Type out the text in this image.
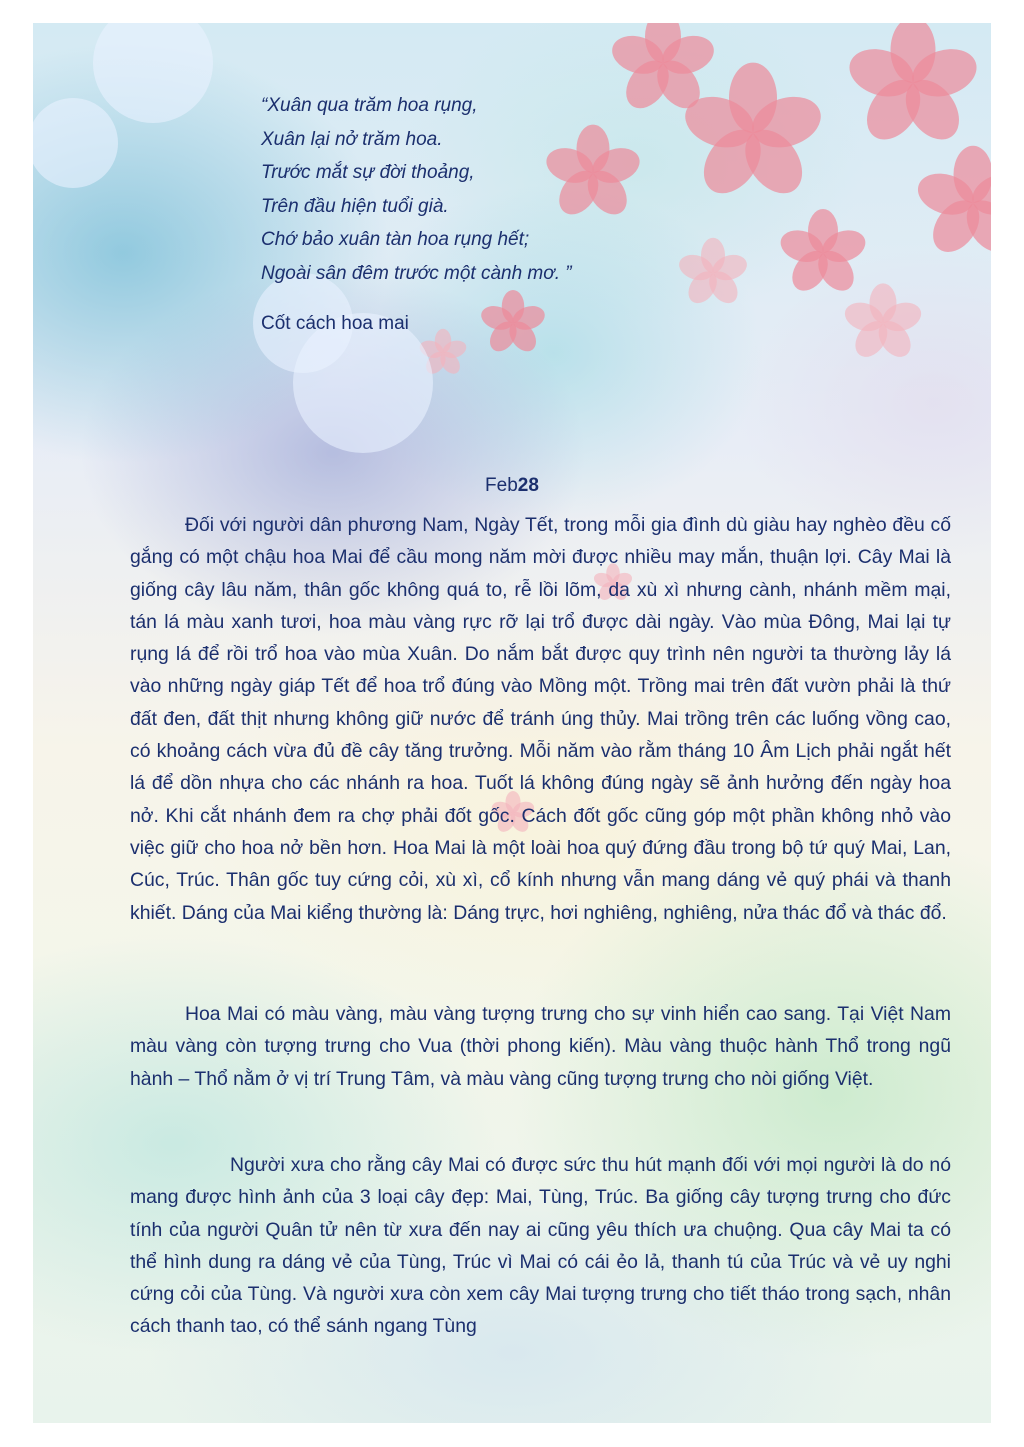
“Xuân qua trăm hoa rụng,
Xuân lại nở trăm hoa.
Trước mắt sự đời thoảng,
Trên đầu hiện tuổi già.
Chớ bảo xuân tàn hoa rụng hết;
Ngoài sân đêm trước một cành mơ. ”
Cốt cách hoa mai
Feb28

Đối với người dân phương Nam, Ngày Tết, trong mỗi gia đình dù giàu hay nghèo đều cố gắng có một chậu hoa Mai để cầu mong năm mời được nhiều may mắn, thuận lợi. Cây Mai là giống cây lâu năm, thân gốc không quá to, rễ lồi lõm, da xù xì nhưng cành, nhánh mềm mại, tán lá màu xanh tươi, hoa màu vàng rực rỡ lại trổ được dài ngày. Vào mùa Đông, Mai lại tự rụng lá để rồi trổ hoa vào mùa Xuân. Do nắm bắt được quy trình nên người ta thường lảy lá vào những ngày giáp Tết để hoa trổ đúng vào Mồng một. Trồng mai trên đất vườn phải là thứ đất đen, đất thịt nhưng không giữ nước để tránh úng thủy. Mai trồng trên các luống vồng cao, có khoảng cách vừa đủ đề cây tăng trưởng. Mỗi năm vào rằm tháng 10 Âm Lịch phải ngắt hết lá để dồn nhựa cho các nhánh ra hoa. Tuốt lá không đúng ngày sẽ ảnh hưởng đến ngày hoa nở. Khi cắt nhánh đem ra chợ phải đốt gốc. Cách đốt gốc cũng góp một phần không nhỏ vào việc giữ cho hoa nở bền hơn. Hoa Mai là một loài hoa quý đứng đầu trong bộ tứ quý Mai, Lan, Cúc, Trúc. Thân gốc tuy cứng cỏi, xù xì, cổ kính nhưng vẫn mang dáng vẻ quý phái và thanh khiết. Dáng của Mai kiểng thường là: Dáng trực, hơi nghiêng, nghiêng, nửa thác đổ và thác đổ.

Hoa Mai có màu vàng, màu vàng tượng trưng cho sự vinh hiển cao sang. Tại Việt Nam màu vàng còn tượng trưng cho Vua (thời phong kiến). Màu vàng thuộc hành Thổ trong ngũ hành – Thổ nằm ở vị trí Trung Tâm, và màu vàng cũng tượng trưng cho nòi giống Việt.

Người xưa cho rằng cây Mai có được sức thu hút mạnh đối với mọi người là do nó mang được hình ảnh của 3 loại cây đẹp: Mai, Tùng, Trúc. Ba giống cây tượng trưng cho đức tính của người Quân tử nên từ xưa đến nay ai cũng yêu thích ưa chuộng. Qua cây Mai ta có thể hình dung ra dáng vẻ của Tùng, Trúc vì Mai có cái ẻo lả, thanh tú của Trúc và vẻ uy nghi cứng cỏi của Tùng. Và người xưa còn xem cây Mai tượng trưng cho tiết tháo trong sạch, nhân cách thanh tao, có thể sánh ngang Tùng
